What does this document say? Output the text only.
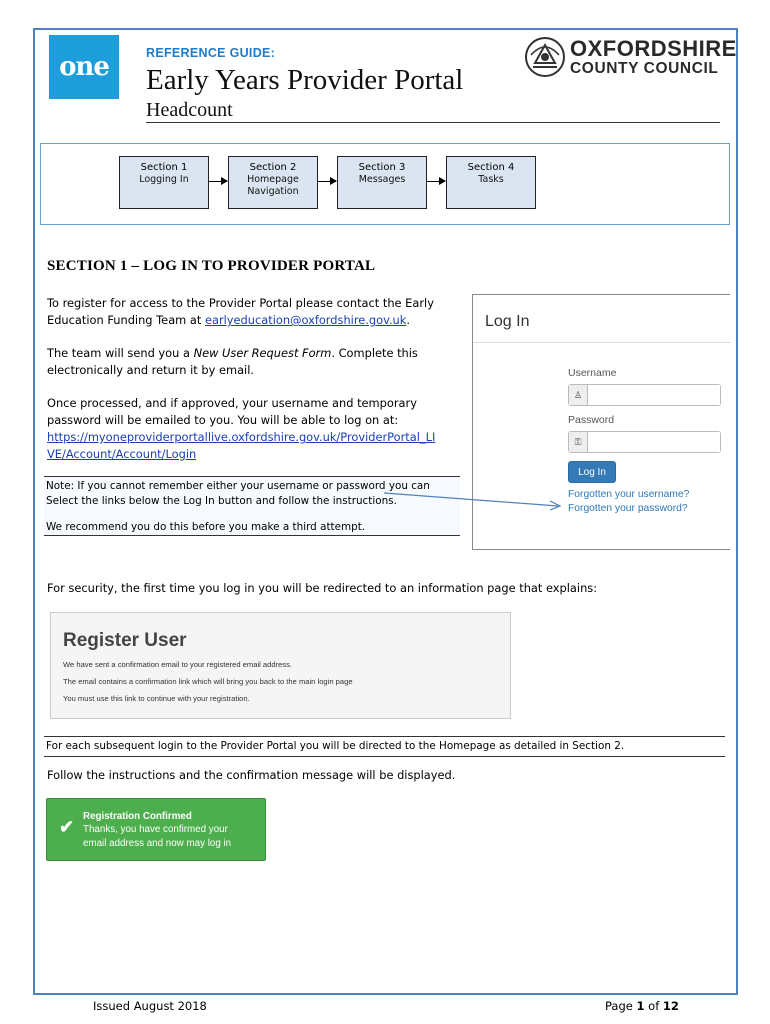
one	REFERENCE GUIDE:
Early Years Provider Portal
Headcount
OXFORDSHIRE
COUNTY COUNCIL
Section 1
Logging In
Section 2
Homepage
Navigation
Section 3
Messages
Section 4
Tasks
SECTION 1 – LOG IN TO PROVIDER PORTAL
To register for access to the Provider Portal please contact the Early
Education Funding Team at earlyeducation@oxfordshire.gov.uk.
The team will send you a New User Request Form. Complete this
electronically and return it by email.
Once processed, and if approved, your username and temporary
password will be emailed to you. You will be able to log on at:
https://myoneproviderportallive.oxfordshire.gov.uk/ProviderPortal_LI
VE/Account/Account/Login
Note: If you cannot remember either your username or password you can
Select the links below the Log In button and follow the instructions.
We recommend you do this before you make a third attempt.
Log In
Username
♙
Password
⚿
Log In
Forgotten your username?
Forgotten your password?
For security, the first time you log in you will be redirected to an information page that explains:
Register User
We have sent a confirmation email to your registered email address.
The email contains a confirmation link which will bring you back to the main login page
You must use this link to continue with your registration.
For each subsequent login to the Provider Portal you will be directed to the Homepage as detailed in Section 2.
Follow the instructions and the confirmation message will be displayed.
✔
Registration Confirmed
Thanks, you have confirmed your
email address and now may log in
Issued August 2018	Page 1 of 12
